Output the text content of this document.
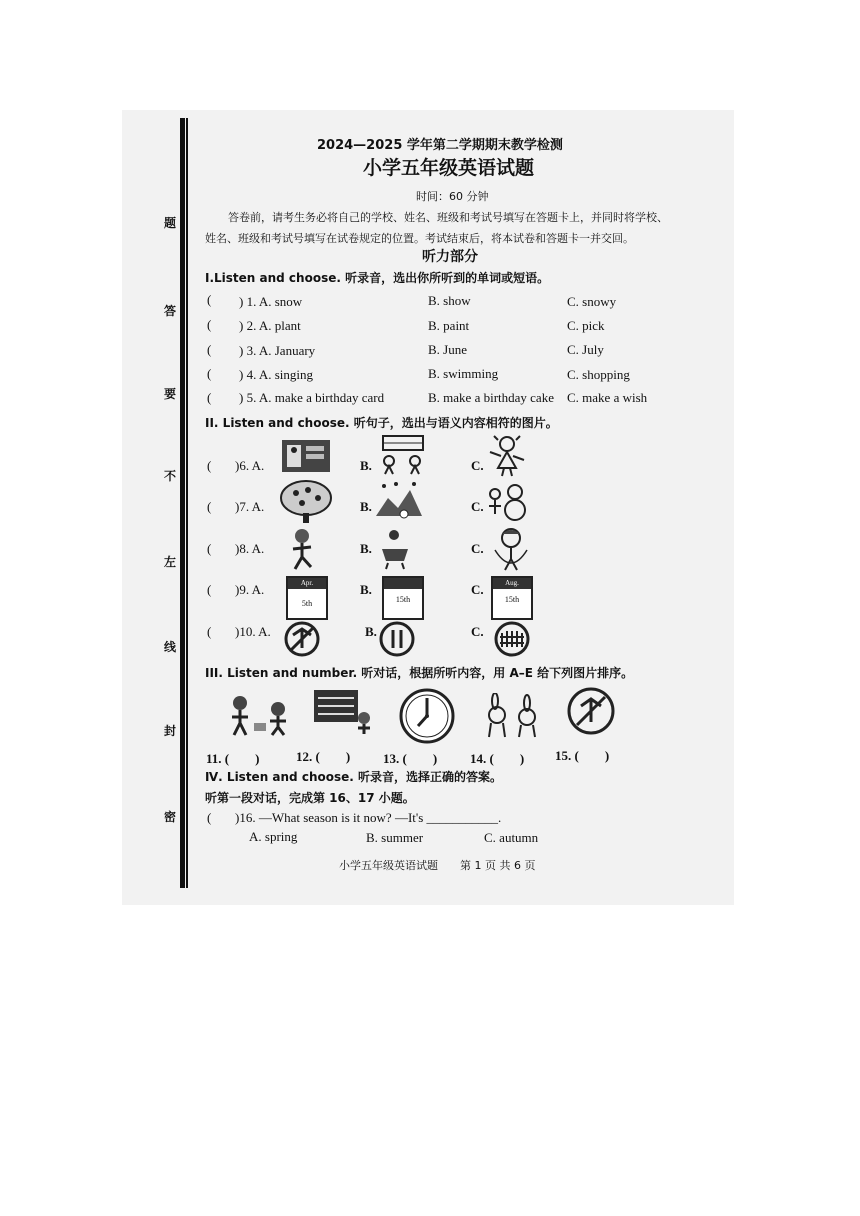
题
答
要
不
左
线
封
密
2024—2025 学年第二学期期末教学检测
小学五年级英语试题
时间：60 分钟
答卷前，请考生务必将自己的学校、姓名、班级和考试号填写在答题卡上，并同时将学校、
姓名、班级和考试号填写在试卷规定的位置。考试结束后，将本试卷和答题卡一并交回。
听力部分
I.Listen and choose. 听录音，选出你所听到的单词或短语。
( ) 1. A. snow	B. show	C. snowy
( ) 2. A. plant	B. paint	C. pick
( ) 3. A. January	B. June	C. July
( ) 4. A. singing	B. swimming	C. shopping
( ) 5. A. make a birthday card	B. make a birthday cake C. make a wish
II. Listen and choose. 听句子，选出与语义内容相符的图片。
( )6. A.	B.	C.
( )7. A.	B.	C.
( )8. A.	B.	C.
( )9. A.	B.	C.
Apr.
5th	15th
Aug.
15th
( )10. A.	B.	C.
III. Listen and number. 听对话，根据所听内容，用 A–E 给下列图片排序。
11. (　　)	12. (　　)	13. (　　)	14. (　　) 15. (　　)
Ⅳ. Listen and choose. 听录音，选择正确的答案。
听第一段对话，完成第 16、17 小题。
( )16. —What season is it now? —It's ___________.
A. spring	B. summer	C. autumn
小学五年级英语试题　　第 1 页 共 6 页
